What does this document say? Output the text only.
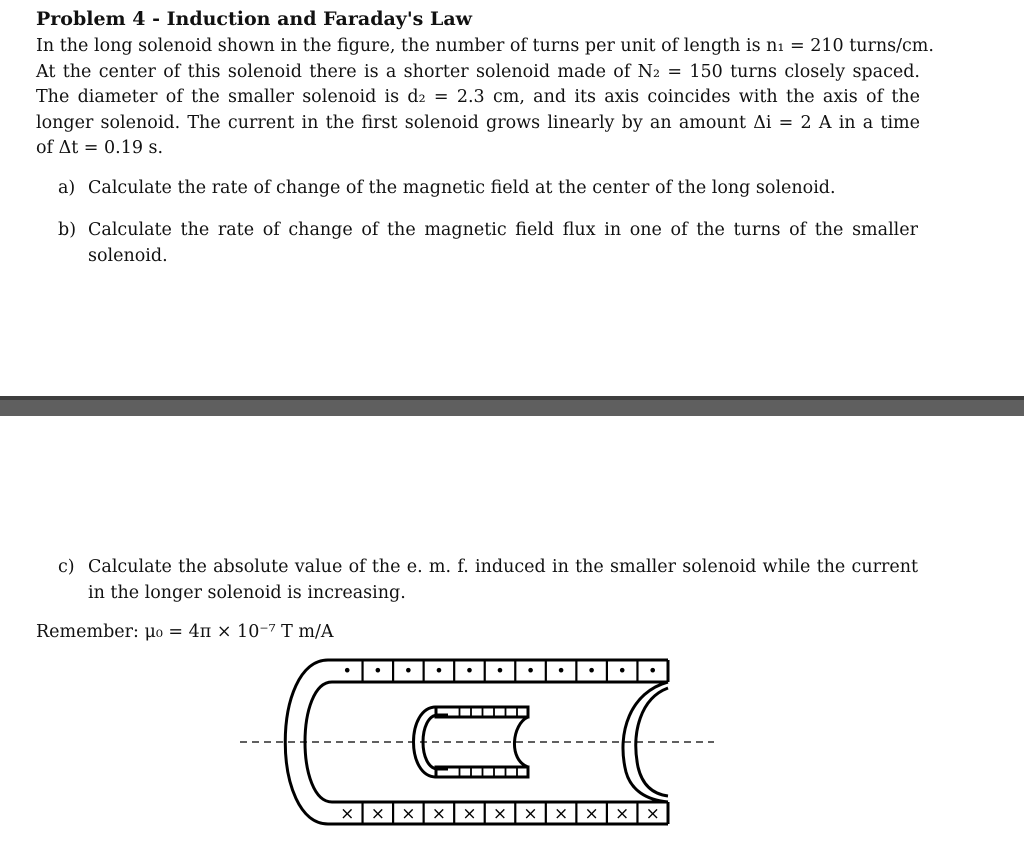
Problem 4 - Induction and Faraday's Law
In the long solenoid shown in the figure, the number of turns per unit of length is n₁ = 210 turns/cm.
At the center of this solenoid there is a shorter solenoid made of N₂ = 150 turns closely spaced.
The diameter of the smaller solenoid is d₂ = 2.3 cm, and its axis coincides with the axis of the
longer solenoid. The current in the first solenoid grows linearly by an amount Δi = 2 A in a time
of Δt = 0.19 s.
a) Calculate the rate of change of the magnetic field at the center of the long solenoid.
b) Calculate the rate of change of the magnetic field flux in one of the turns of the smaller
solenoid.
c) Calculate the absolute value of the e. m. f. induced in the smaller solenoid while the current
in the longer solenoid is increasing.
Remember: μ₀ = 4π × 10⁻⁷ T m/A
• • • • • • • • • • •
× × × × × × × × × × ×
